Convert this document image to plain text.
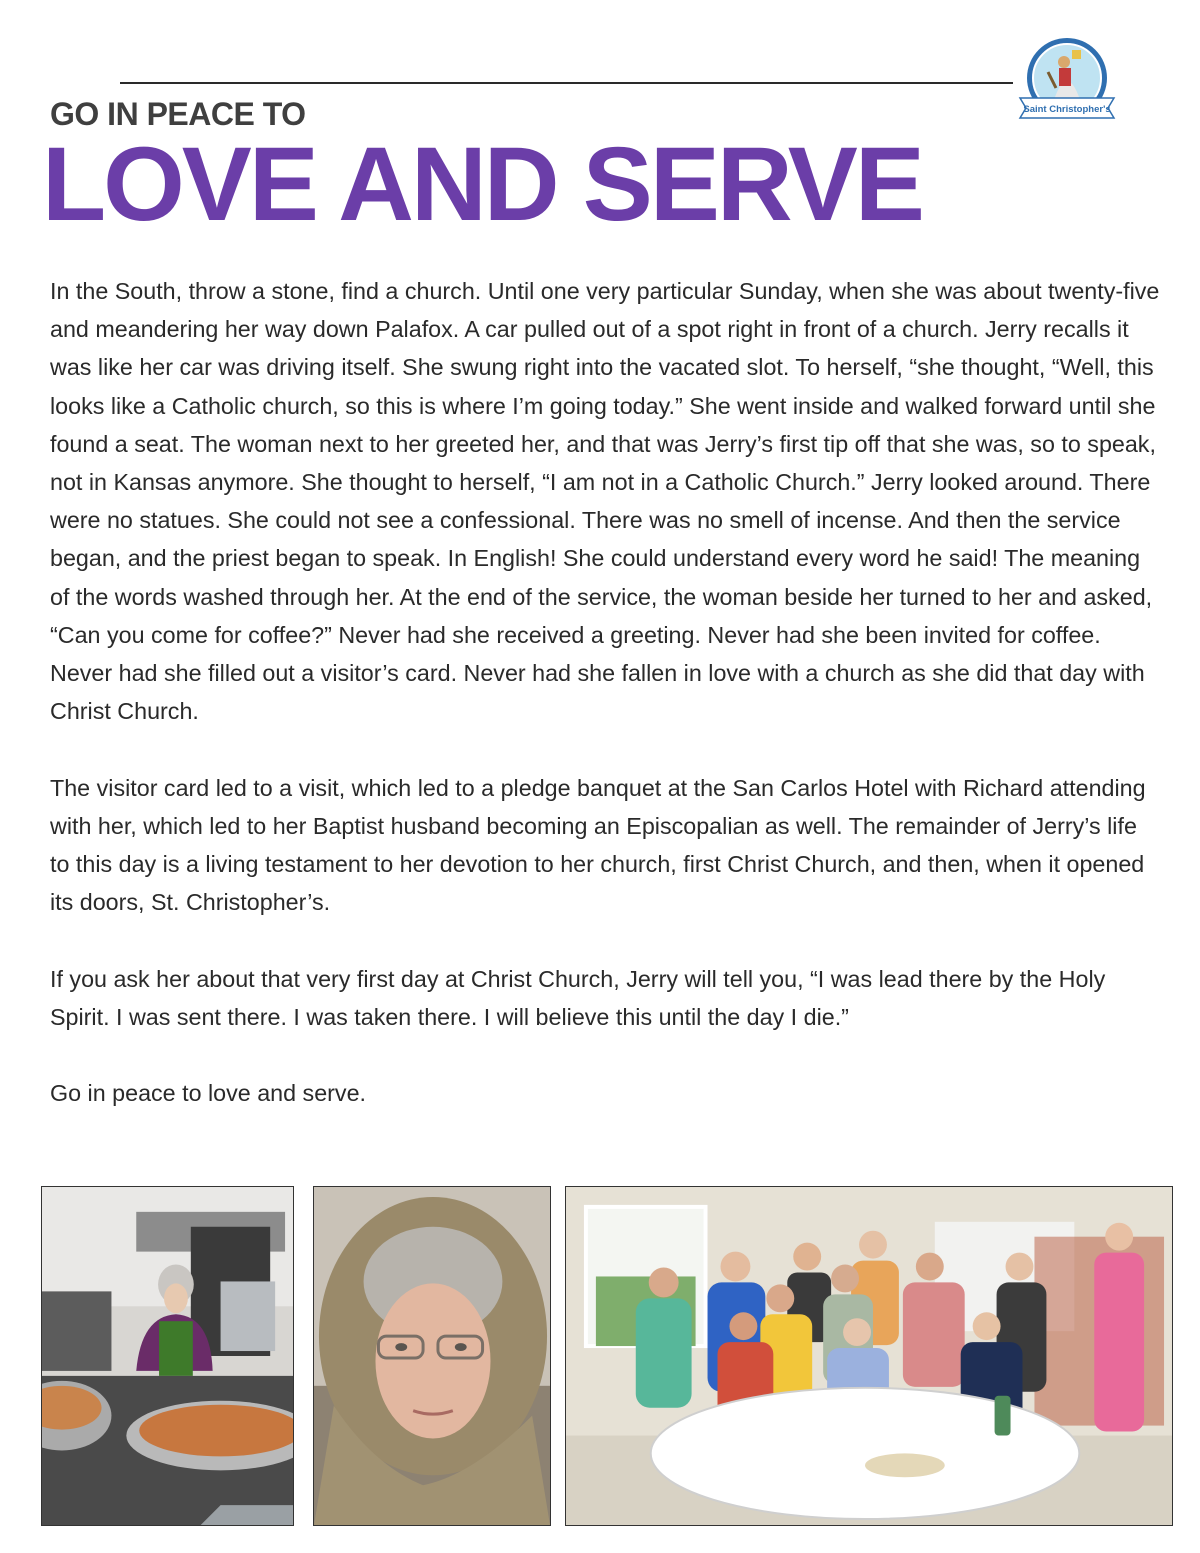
Saint Christopher's
GO IN PEACE TO
LOVE AND SERVE

In the South, throw a stone, find a church. Until one very particular Sunday, when she was about twenty-five and meandering her way down Palafox. A car pulled out of a spot right in front of a church. Jerry recalls it was like her car was driving itself. She swung right into the vacated slot. To herself, “she thought, “Well, this looks like a Catholic church, so this is where I’m going today.” She went inside and walked forward until she found a seat. The woman next to her greeted her, and that was Jerry’s first tip off that she was, so to speak, not in Kansas anymore. She thought to herself, “I am not in a Catholic Church.” Jerry looked around. There were no statues. She could not see a confessional. There was no smell of incense. And then the service began, and the priest began to speak. In English! She could understand every word he said! The meaning of the words washed through her. At the end of the service, the woman beside her turned to her and asked, “Can you come for coffee?” Never had she received a greeting. Never had she been invited for coffee. Never had she filled out a visitor’s card. Never had she fallen in love with a church as she did that day with Christ Church.

The visitor card led to a visit, which led to a pledge banquet at the San Carlos Hotel with Richard attending with her, which led to her Baptist husband becoming an Episcopalian as well. The remainder of Jerry’s life to this day is a living testament to her devotion to her church, first Christ Church, and then, when it opened its doors, St. Christopher’s.

If you ask her about that very first day at Christ Church, Jerry will tell you, “I was lead there by the Holy Spirit. I was sent there. I was taken there. I will believe this until the day I die.”

Go in peace to love and serve.
